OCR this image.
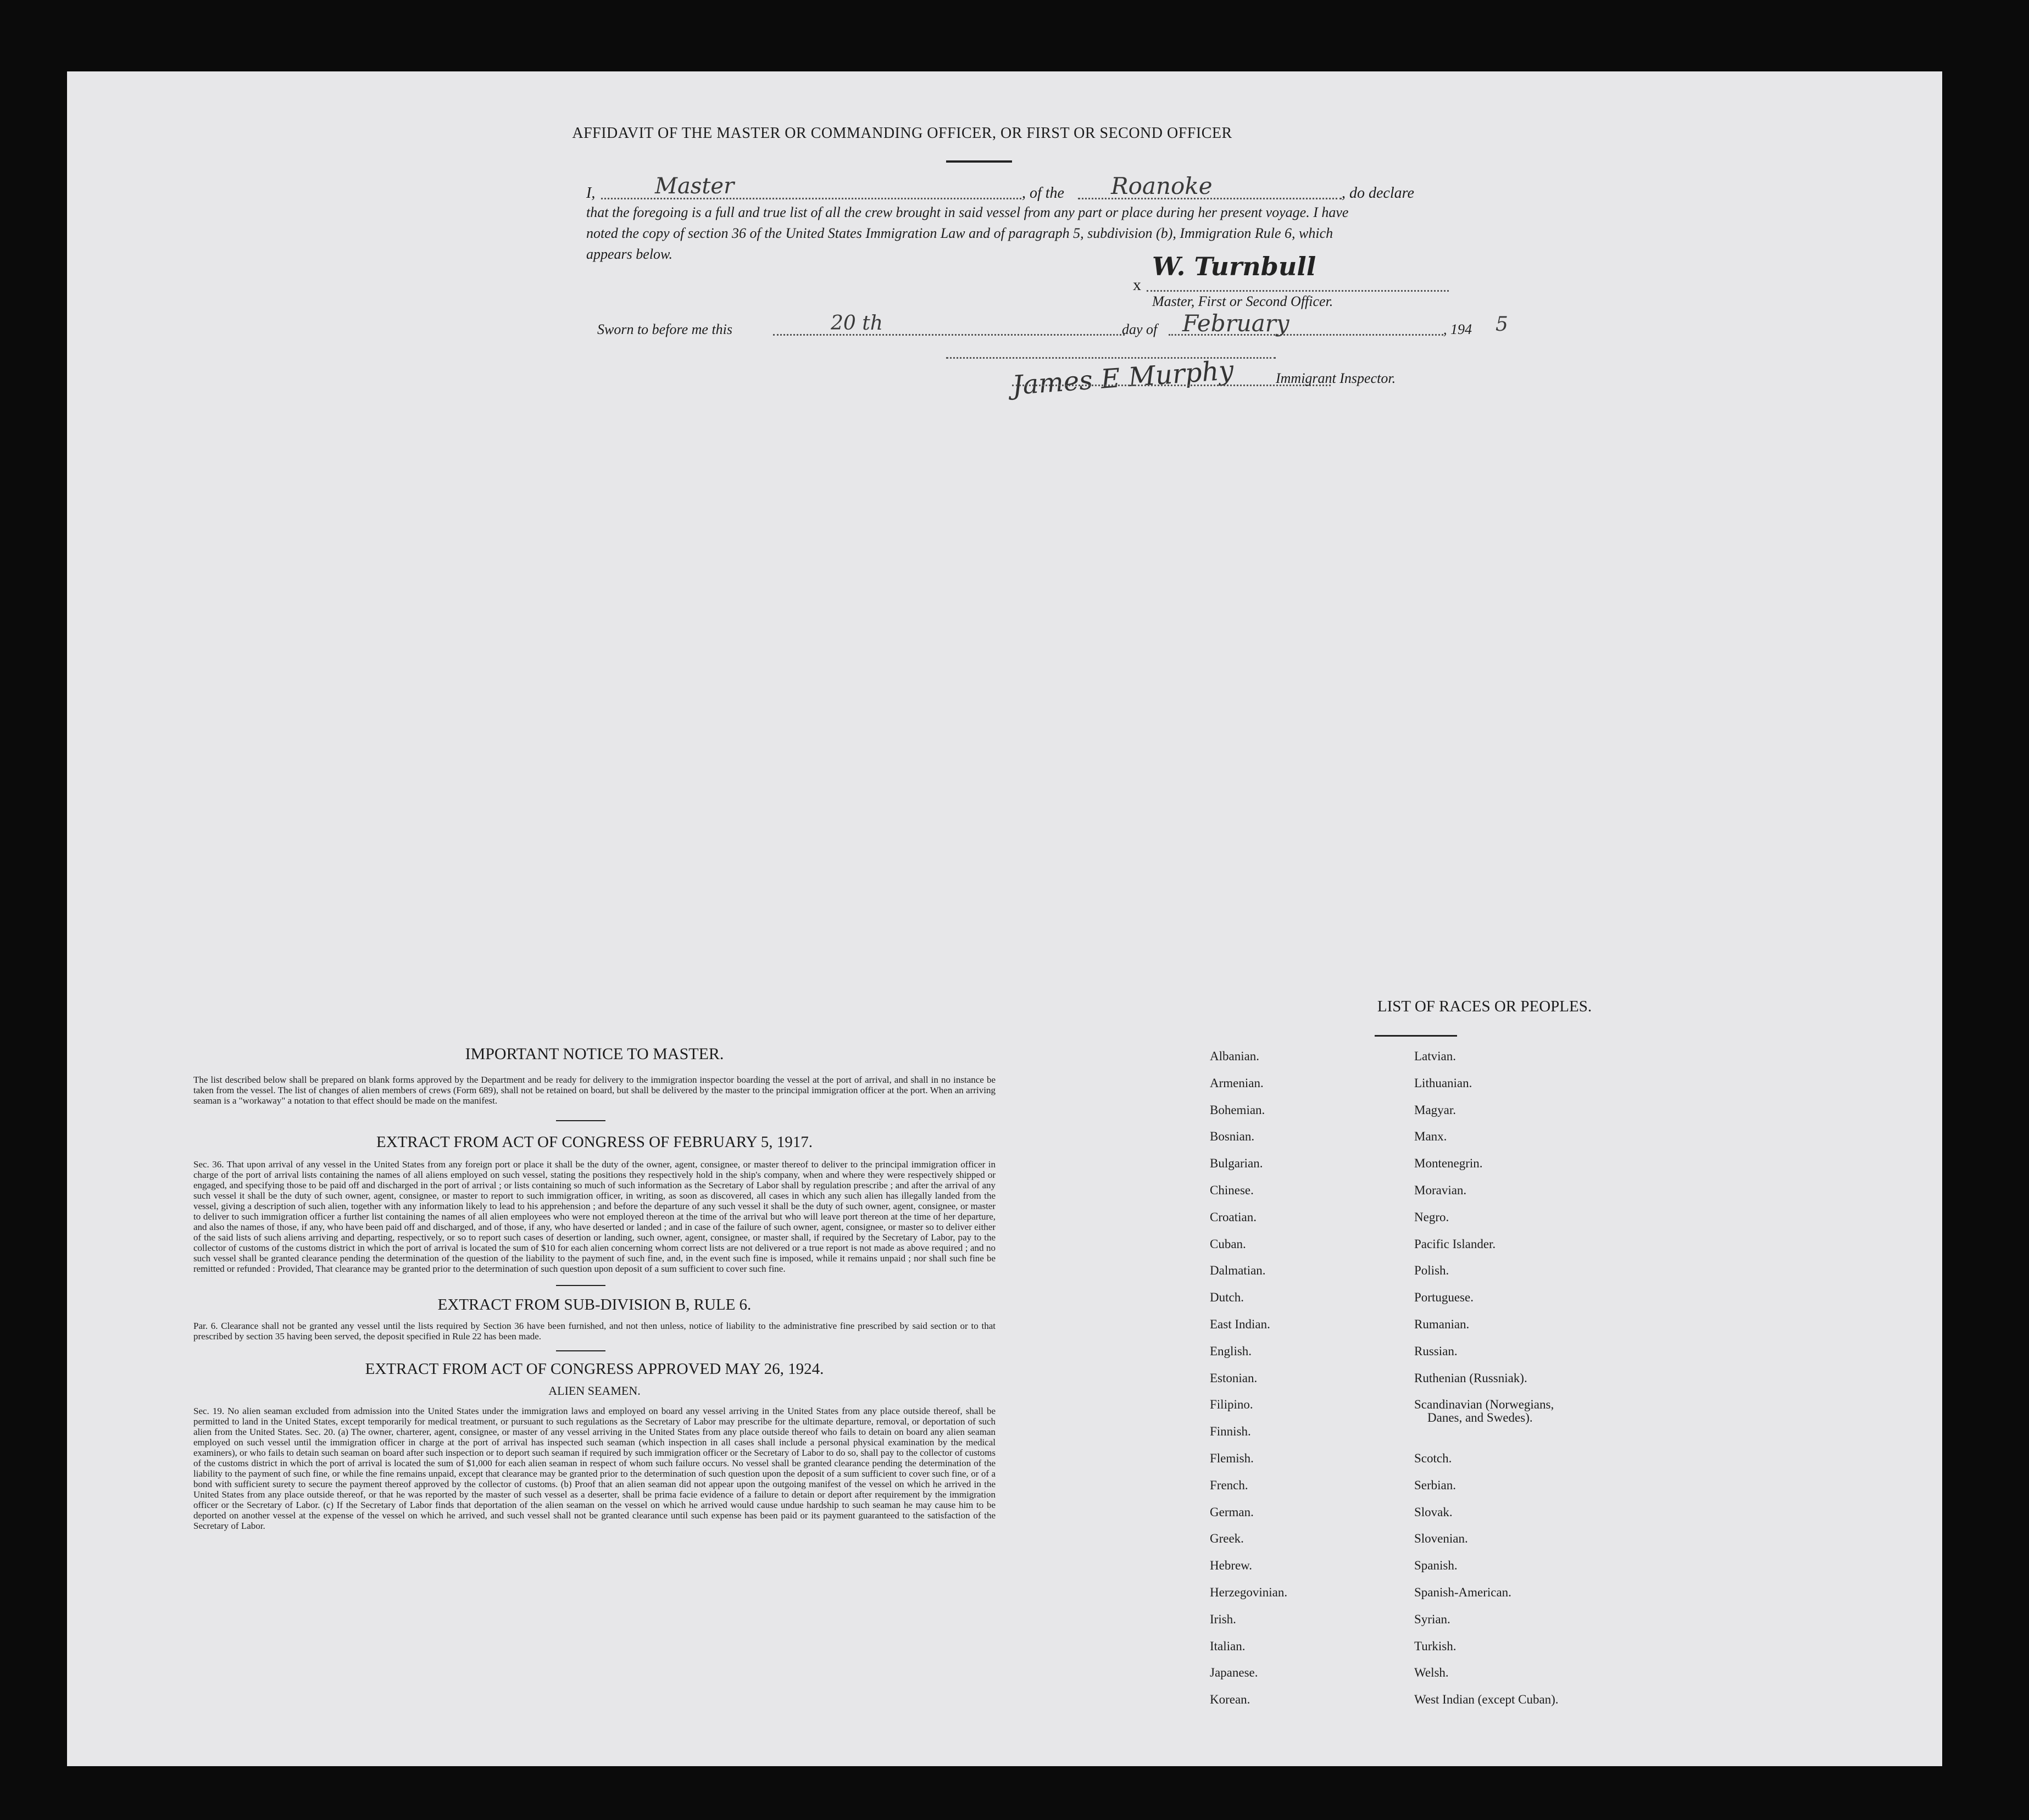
AFFIDAVIT OF THE MASTER OR COMMANDING OFFICER, OR FIRST OR SECOND OFFICER
I,	Master	, of the Roanoke	, do declare
that the foregoing is a full and true list of all the crew brought in said vessel from any part or place during her present voyage. I have
noted the copy of section 36 of the United States Immigration Law and of paragraph 5, subdivision (b), Immigration Rule 6, which
appears below.
x
W. Turnbull
Master, First or Second Officer.
Sworn to before me this	20 th	day of February	, 194 5
James E Murphy	Immigrant Inspector.
IMPORTANT NOTICE TO MASTER.

The list described below shall be prepared on blank forms approved by the Department and be ready for delivery to the immigration inspector boarding the vessel at the port of arrival, and shall in no instance be taken from the vessel. The list of changes of alien members of crews (Form 689), shall not be retained on board, but shall be delivered by the master to the principal immigration officer at the port. When an arriving seaman is a "workaway" a notation to that effect should be made on the manifest.

EXTRACT FROM ACT OF CONGRESS OF FEBRUARY 5, 1917.

Sec. 36. That upon arrival of any vessel in the United States from any foreign port or place it shall be the duty of the owner, agent, consignee, or master thereof to deliver to the principal immigration officer in charge of the port of arrival lists containing the names of all aliens employed on such vessel, stating the positions they respectively hold in the ship's company, when and where they were respectively shipped or engaged, and specifying those to be paid off and discharged in the port of arrival ; or lists containing so much of such information as the Secretary of Labor shall by regulation prescribe ; and after the arrival of any such vessel it shall be the duty of such owner, agent, consignee, or master to report to such immigration officer, in writing, as soon as discovered, all cases in which any such alien has illegally landed from the vessel, giving a description of such alien, together with any information likely to lead to his apprehension ; and before the departure of any such vessel it shall be the duty of such owner, agent, consignee, or master to deliver to such immigration officer a further list containing the names of all alien employees who were not employed thereon at the time of the arrival but who will leave port thereon at the time of her departure, and also the names of those, if any, who have been paid off and discharged, and of those, if any, who have deserted or landed ; and in case of the failure of such owner, agent, consignee, or master so to deliver either of the said lists of such aliens arriving and departing, respectively, or so to report such cases of desertion or landing, such owner, agent, consignee, or master shall, if required by the Secretary of Labor, pay to the collector of customs of the customs district in which the port of arrival is located the sum of $10 for each alien concerning whom correct lists are not delivered or a true report is not made as above required ; and no such vessel shall be granted clearance pending the determination of the question of the liability to the payment of such fine, and, in the event such fine is imposed, while it remains unpaid ; nor shall such fine be remitted or refunded : Provided, That clearance may be granted prior to the determination of such question upon deposit of a sum sufficient to cover such fine.

EXTRACT FROM SUB-DIVISION B, RULE 6.

Par. 6. Clearance shall not be granted any vessel until the lists required by Section 36 have been furnished, and not then unless, notice of liability to the administrative fine prescribed by said section or to that prescribed by section 35 having been served, the deposit specified in Rule 22 has been made.

EXTRACT FROM ACT OF CONGRESS APPROVED MAY 26, 1924.
ALIEN SEAMEN.

Sec. 19. No alien seaman excluded from admission into the United States under the immigration laws and employed on board any vessel arriving in the United States from any place outside thereof, shall be permitted to land in the United States, except temporarily for medical treatment, or pursuant to such regulations as the Secretary of Labor may prescribe for the ultimate departure, removal, or deportation of such alien from the United States. Sec. 20. (a) The owner, charterer, agent, consignee, or master of any vessel arriving in the United States from any place outside thereof who fails to detain on board any alien seaman employed on such vessel until the immigration officer in charge at the port of arrival has inspected such seaman (which inspection in all cases shall include a personal physical examination by the medical examiners), or who fails to detain such seaman on board after such inspection or to deport such seaman if required by such immigration officer or the Secretary of Labor to do so, shall pay to the collector of customs of the customs district in which the port of arrival is located the sum of $1,000 for each alien seaman in respect of whom such failure occurs. No vessel shall be granted clearance pending the determination of the liability to the payment of such fine, or while the fine remains unpaid, except that clearance may be granted prior to the determination of such question upon the deposit of a sum sufficient to cover such fine, or of a bond with sufficient surety to secure the payment thereof approved by the collector of customs. (b) Proof that an alien seaman did not appear upon the outgoing manifest of the vessel on which he arrived in the United States from any place outside thereof, or that he was reported by the master of such vessel as a deserter, shall be prima facie evidence of a failure to detain or deport after requirement by the immigration officer or the Secretary of Labor. (c) If the Secretary of Labor finds that deportation of the alien seaman on the vessel on which he arrived would cause undue hardship to such seaman he may cause him to be deported on another vessel at the expense of the vessel on which he arrived, and such vessel shall not be granted clearance until such expense has been paid or its payment guaranteed to the satisfaction of the Secretary of Labor.

LIST OF RACES OR PEOPLES.
Albanian.
Armenian.
Bohemian.
Bosnian.
Bulgarian.
Chinese.
Croatian.
Cuban.
Dalmatian.
Dutch.
East Indian.
English.
Estonian.
Filipino.
Finnish.
Flemish.
French.
German.
Greek.
Hebrew.
Herzegovinian.
Irish.
Italian.
Japanese.
Korean.
Latvian.
Lithuanian.
Magyar.
Manx.
Montenegrin.
Moravian.
Negro.
Pacific Islander.
Polish.
Portuguese.
Rumanian.
Russian.
Ruthenian (Russniak).
Scandinavian (Norwegians,
Danes, and Swedes).
Scotch.
Serbian.
Slovak.
Slovenian.
Spanish.
Spanish-American.
Syrian.
Turkish.
Welsh.
West Indian (except Cuban).
